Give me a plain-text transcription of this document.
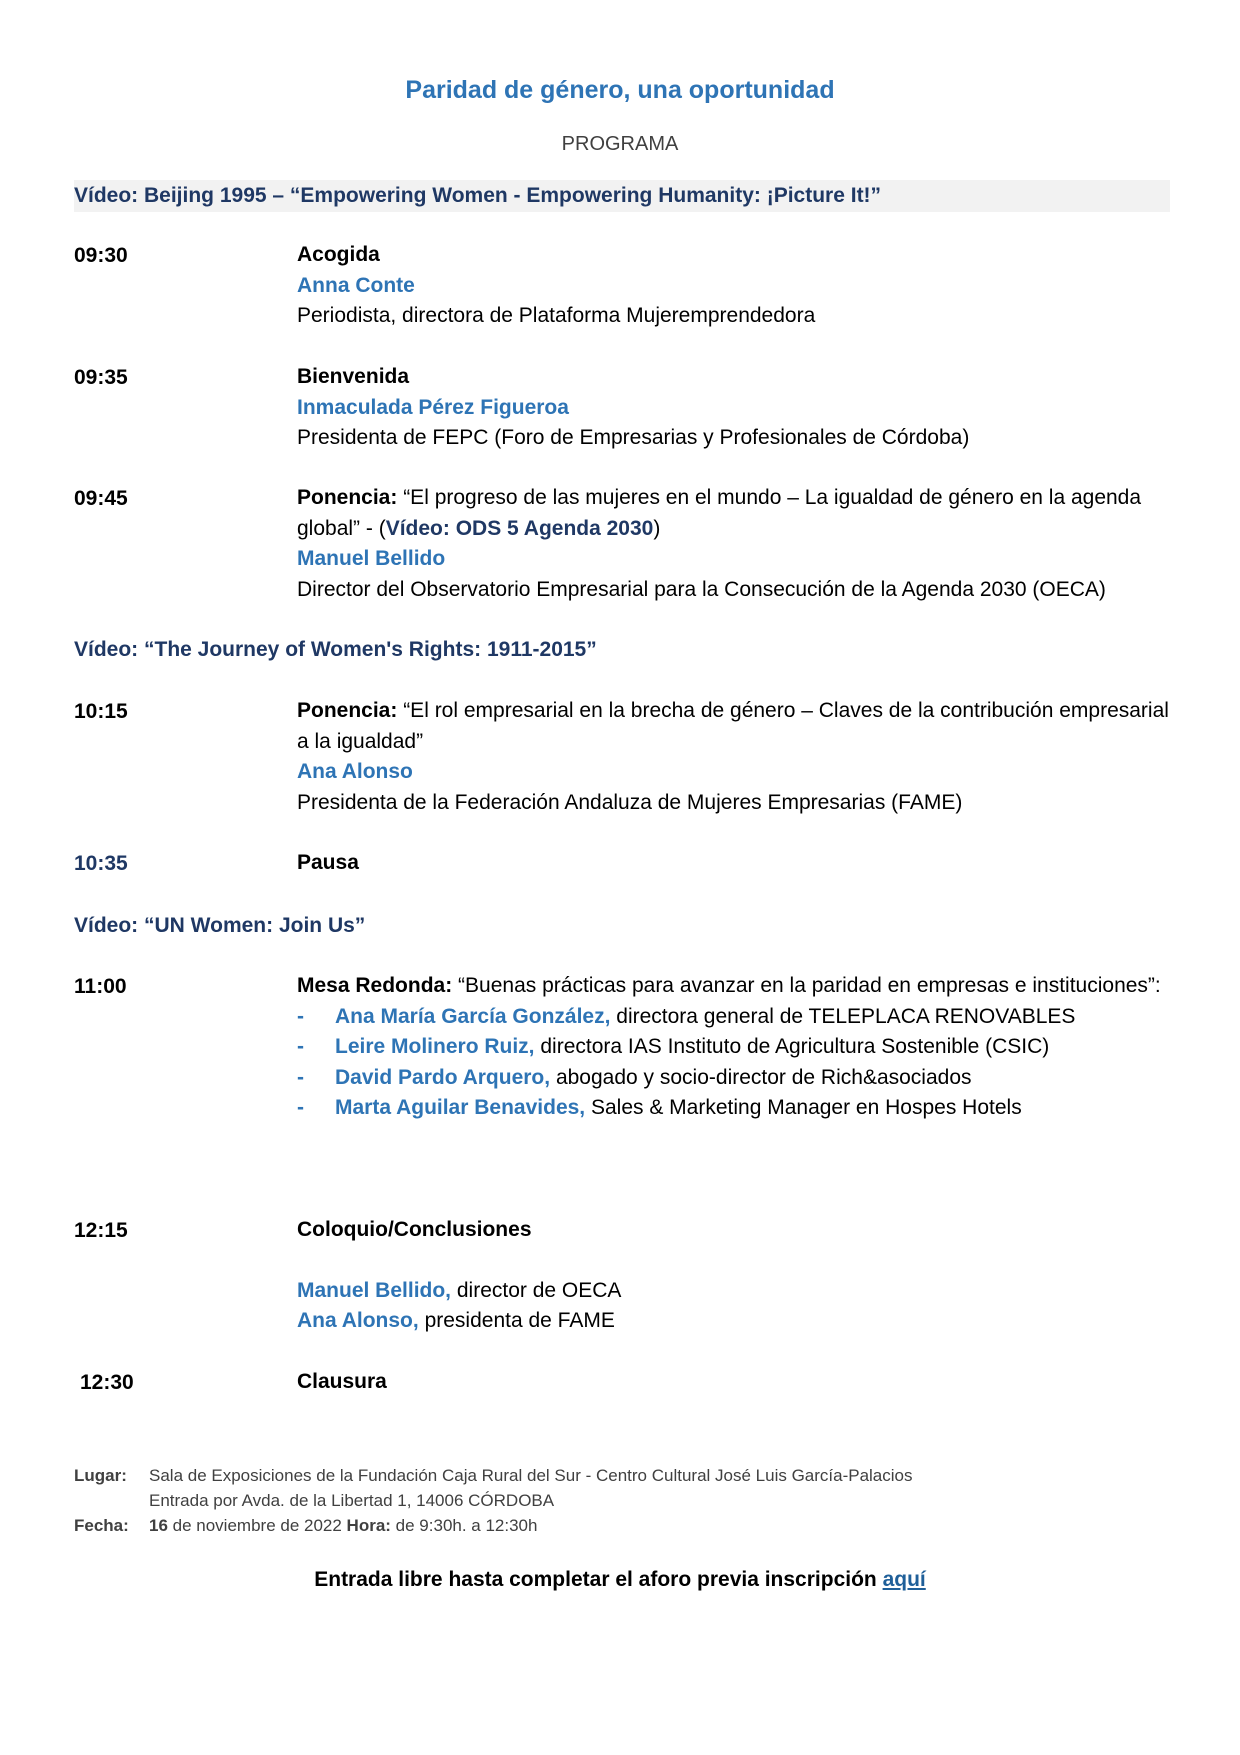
Paridad de género, una oportunidad
PROGRAMA
Vídeo: Beijing 1995 – “Empowering Women - Empowering Humanity: ¡Picture It!”
09:30	Acogida
Anna Conte
Periodista, directora de Plataforma Mujeremprendedora
09:35	Bienvenida
Inmaculada Pérez Figueroa
Presidenta de FEPC (Foro de Empresarias y Profesionales de Córdoba)
09:45	Ponencia: “El progreso de las mujeres en el mundo – La igualdad de género en la agenda global” - (Vídeo: ODS 5 Agenda 2030)
Manuel Bellido
Director del Observatorio Empresarial para la Consecución de la Agenda 2030 (OECA)
Vídeo: “The Journey of Women's Rights: 1911-2015”
10:15	Ponencia: “El rol empresarial en la brecha de género – Claves de la contribución empresarial a la igualdad”
Ana Alonso
Presidenta de la Federación Andaluza de Mujeres Empresarias (FAME)
10:35	Pausa
Vídeo: “UN Women: Join Us”
11:00	Mesa Redonda: “Buenas prácticas para avanzar en la paridad en empresas e instituciones”:
- Ana María García González, directora general de TELEPLACA RENOVABLES
- Leire Molinero Ruiz, directora IAS Instituto de Agricultura Sostenible (CSIC)
- David Pardo Arquero, abogado y socio-director de Rich&asociados
- Marta Aguilar Benavides, Sales & Marketing Manager en Hospes Hotels
12:15	Coloquio/Conclusiones
Manuel Bellido, director de OECA
Ana Alonso, presidenta de FAME
12:30	Clausura
Lugar: Sala de Exposiciones de la Fundación Caja Rural del Sur - Centro Cultural José Luis García-Palacios
Entrada por Avda. de la Libertad 1, 14006 CÓRDOBA
Fecha: 16 de noviembre de 2022 Hora: de 9:30h. a 12:30h
Entrada libre hasta completar el aforo previa inscripción aquí
